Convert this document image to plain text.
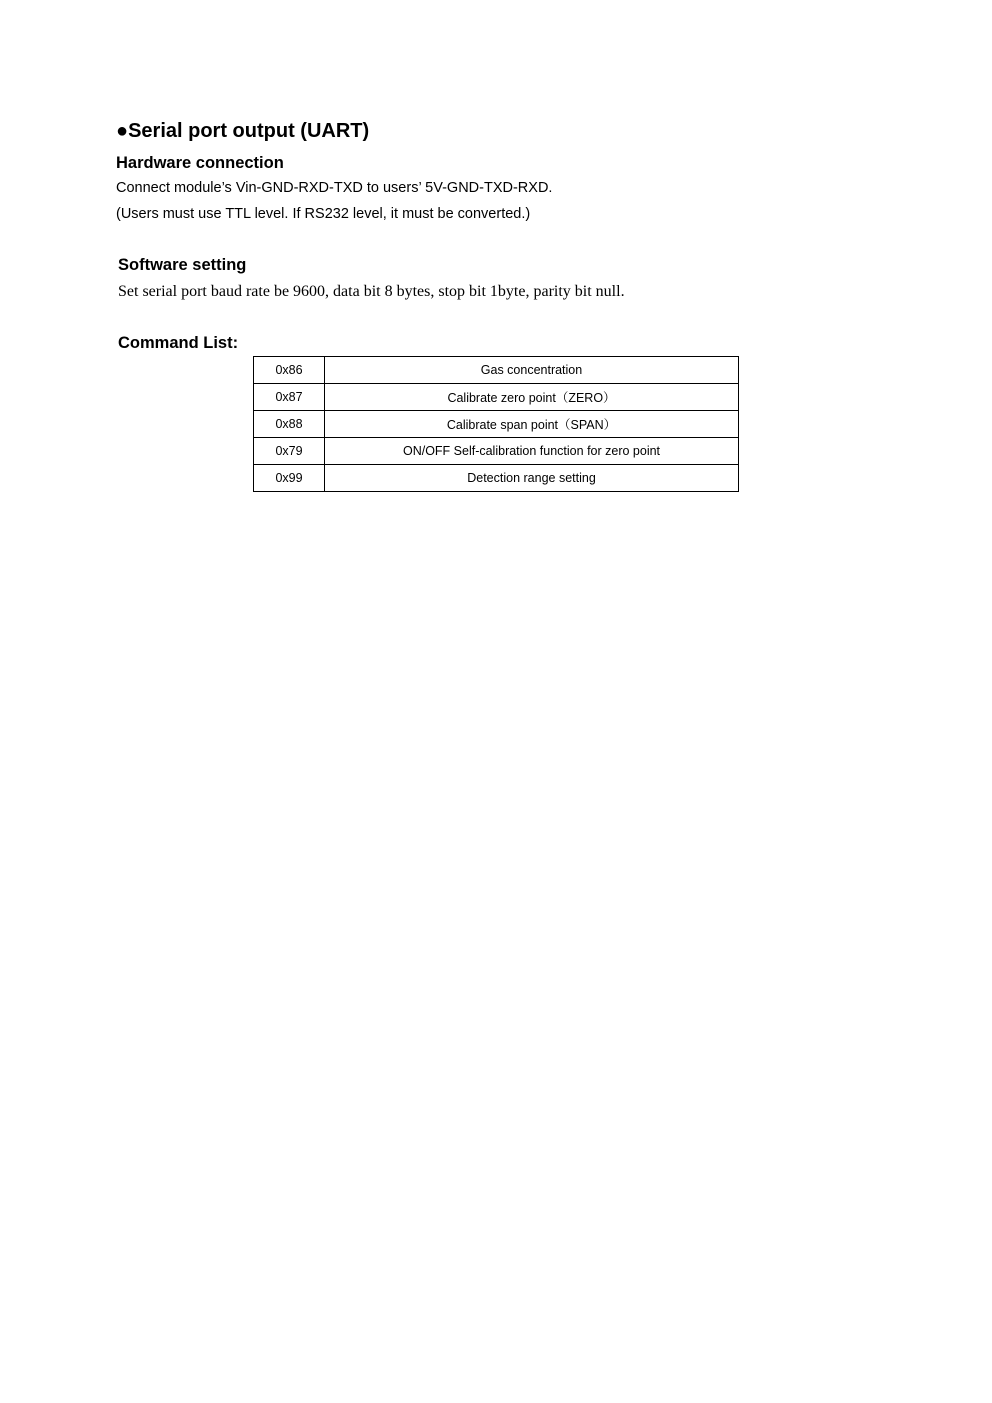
●Serial port output (UART)
Hardware connection
Connect module’s Vin-GND-RXD-TXD to users’ 5V-GND-TXD-RXD.
(Users must use TTL level. If RS232 level, it must be converted.)
Software setting
Set serial port baud rate be 9600, data bit 8 bytes, stop bit 1byte, parity bit null.
Command List:
0x86	Gas concentration
0x87	Calibrate zero point（ZERO）
0x88	Calibrate span point（SPAN）
0x79	ON/OFF Self-calibration function for zero point
0x99	Detection range setting
